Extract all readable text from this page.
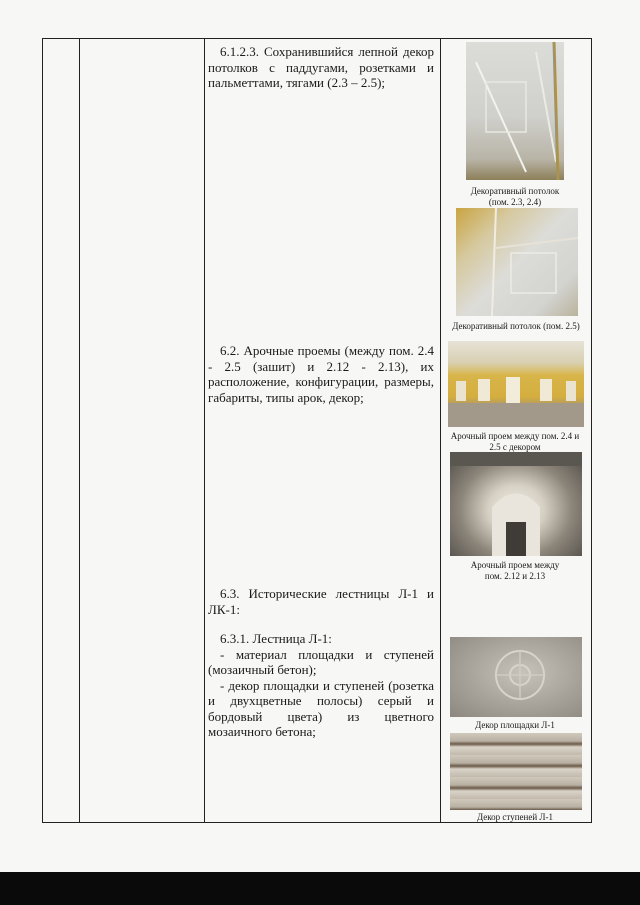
6.1.2.3. Сохранившийся лепной декор потолков с паддугами, розетками и пальметтами, тягами (2.3 – 2.5);
6.2. Арочные проемы (между пом. 2.4 - 2.5 (зашит) и 2.12 - 2.13), их расположение, конфигурации, размеры, габариты, типы арок, декор;
6.3. Исторические лестницы Л-1 и ЛК-1:

6.3.1. Лестница Л-1:

- материал площадки и ступеней (мозаичный бетон);

- декор площадки и ступеней (розетка и двухцветные полосы) серый и бордовый цвета) из цветного мозаичного бетона;

Декоративный потолок
(пом. 2.3, 2.4)
Декоративный потолок (пом. 2.5)
Арочный проем между пом. 2.4 и
2.5 с декором
Арочный проем между
пом. 2.12 и 2.13
Декор площадки Л-1
Декор ступеней Л-1
